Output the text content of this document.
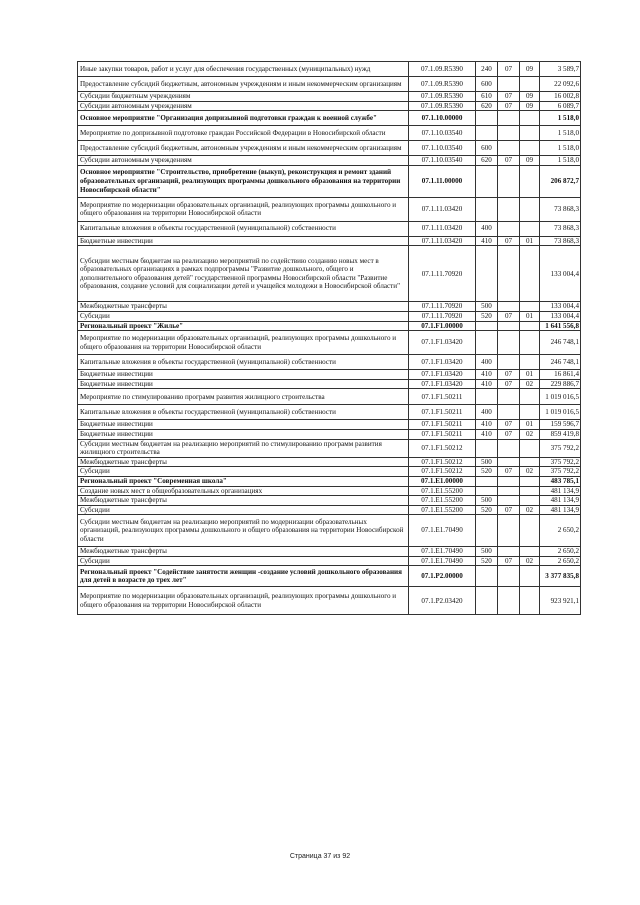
Иные закупки товаров, работ и услуг для обеспечения государственных (муниципальных) нужд	07.1.09.R5390	240	07	09	3 589,7
Предоставление субсидий бюджетным, автономным учреждениям и иным некоммерческим организациям	07.1.09.R5390	600			22 092,6
Субсидии бюджетным учреждениям	07.1.09.R5390	610	07	09	16 002,8
Субсидии автономным учреждениям	07.1.09.R5390	620	07	09	6 089,7
Основное мероприятие "Организация допризывной подготовки граждан к военной службе"	07.1.10.00000				1 518,0
Мероприятие по допризывной подготовке граждан Российской Федерации в Новосибирской области	07.1.10.03540				1 518,0
Предоставление субсидий бюджетным, автономным учреждениям и иным некоммерческим организациям	07.1.10.03540	600			1 518,0
Субсидии автономным учреждениям	07.1.10.03540	620	07	09	1 518,0
Основное мероприятие "Строительство, приобретение (выкуп), реконструкция и ремонт зданий образовательных организаций, реализующих программы дошкольного образования на территории Новосибирской области"	07.1.11.00000				206 872,7
Мероприятие по модернизации образовательных организаций, реализующих программы дошкольного и общего образования на территории Новосибирской области	07.1.11.03420				73 868,3
Капитальные вложения в объекты государственной (муниципальной) собственности	07.1.11.03420	400			73 868,3
Бюджетные инвестиции	07.1.11.03420	410	07	01	73 868,3
Субсидии местным бюджетам на реализацию мероприятий по содействию созданию новых мест в образовательных организациях в рамках подпрограммы "Развитие дошкольного, общего и дополнительного образования детей" государственной программы Новосибирской области "Развитие образования, создание условий для социализации детей и учащейся молодежи в Новосибирской области"	07.1.11.70920				133 004,4
Межбюджетные трансферты	07.1.11.70920	500			133 004,4
Субсидии	07.1.11.70920	520	07	01	133 004,4
Региональный проект "Жилье"	07.1.F1.00000				1 641 556,8
Мероприятие по модернизации образовательных организаций, реализующих программы дошкольного и общего образования на территории Новосибирской области	07.1.F1.03420				246 748,1
Капитальные вложения в объекты государственной (муниципальной) собственности	07.1.F1.03420	400			246 748,1
Бюджетные инвестиции	07.1.F1.03420	410	07	01	16 861,4
Бюджетные инвестиции	07.1.F1.03420	410	07	02	229 886,7
Мероприятие по стимулированию программ развития жилищного строительства	07.1.F1.50211				1 019 016,5
Капитальные вложения в объекты государственной (муниципальной) собственности	07.1.F1.50211	400			1 019 016,5
Бюджетные инвестиции	07.1.F1.50211	410	07	01	159 596,7
Бюджетные инвестиции	07.1.F1.50211	410	07	02	859 419,8
Субсидии местным бюджетам на реализацию мероприятий по стимулированию программ развития жилищного строительства	07.1.F1.50212				375 792,2
Межбюджетные трансферты	07.1.F1.50212	500			375 792,2
Субсидии	07.1.F1.50212	520	07	02	375 792,2
Региональный проект "Современная школа"	07.1.E1.00000				483 785,1
Создание новых мест в общеобразовательных организациях	07.1.E1.55200				481 134,9
Межбюджетные трансферты	07.1.E1.55200	500			481 134,9
Субсидии	07.1.E1.55200	520	07	02	481 134,9
Субсидии местным бюджетам на реализацию мероприятий по модернизации образовательных организаций, реализующих программы дошкольного и общего образования на территории Новосибирской области	07.1.E1.70490				2 650,2
Межбюджетные трансферты	07.1.E1.70490	500			2 650,2
Субсидии	07.1.E1.70490	520	07	02	2 650,2
Региональный проект "Содействие занятости женщин -создание условий дошкольного образования для детей в возрасте до трех лет"	07.1.P2.00000				3 377 835,8
Мероприятие по модернизации образовательных организаций, реализующих программы дошкольного и общего образования на территории Новосибирской области	07.1.P2.03420				923 921,1
Страница 37 из 92
